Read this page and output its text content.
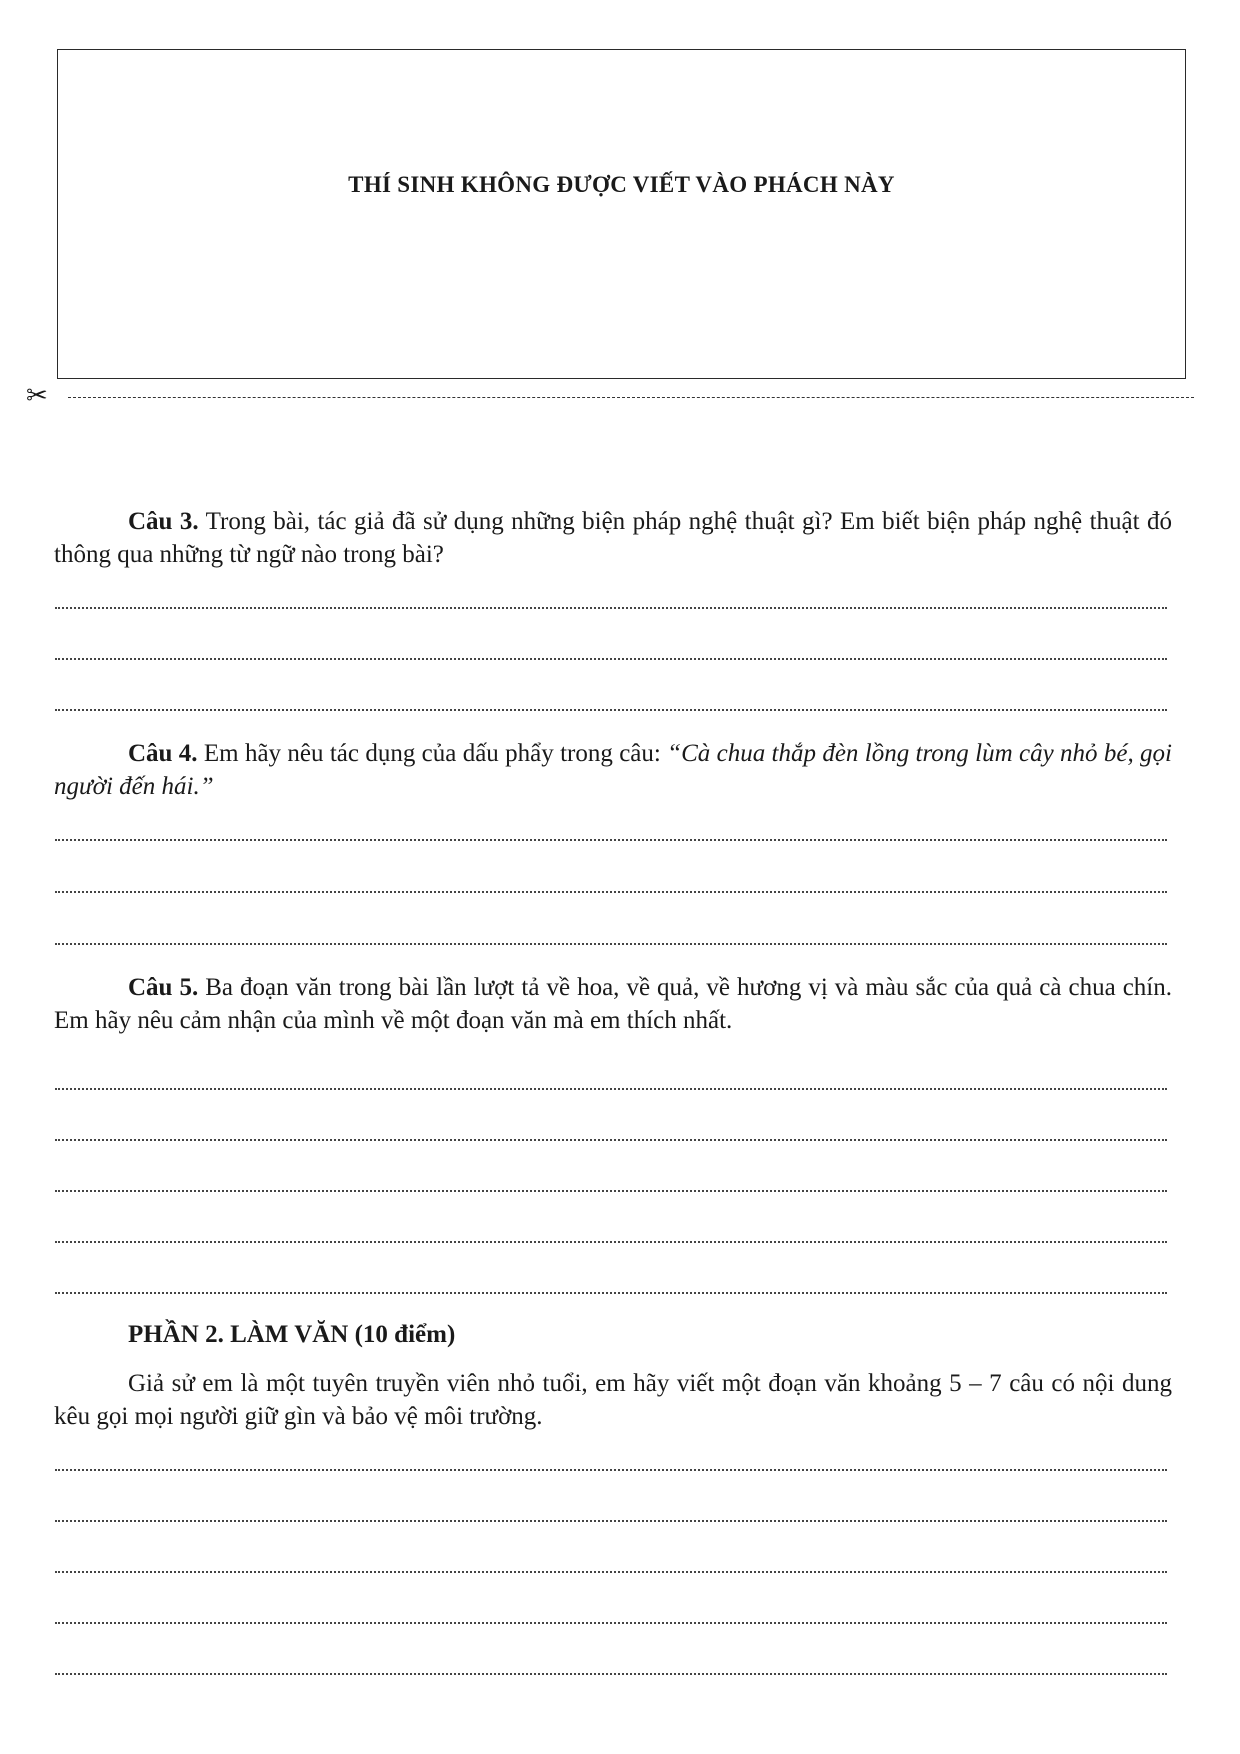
THÍ SINH KHÔNG ĐƯỢC VIẾT VÀO PHÁCH NÀY
✂
Câu 3. Trong bài, tác giả đã sử dụng những biện pháp nghệ thuật gì? Em biết biện pháp nghệ thuật đó thông qua những từ ngữ nào trong bài?
Câu 4. Em hãy nêu tác dụng của dấu phẩy trong câu: “Cà chua thắp đèn lồng trong lùm cây nhỏ bé, gọi người đến hái.”
Câu 5. Ba đoạn văn trong bài lần lượt tả về hoa, về quả, về hương vị và màu sắc của quả cà chua chín. Em hãy nêu cảm nhận của mình về một đoạn văn mà em thích nhất.
PHẦN 2. LÀM VĂN (10 điểm)
Giả sử em là một tuyên truyền viên nhỏ tuổi, em hãy viết một đoạn văn khoảng 5 – 7 câu có nội dung kêu gọi mọi người giữ gìn và bảo vệ môi trường.
